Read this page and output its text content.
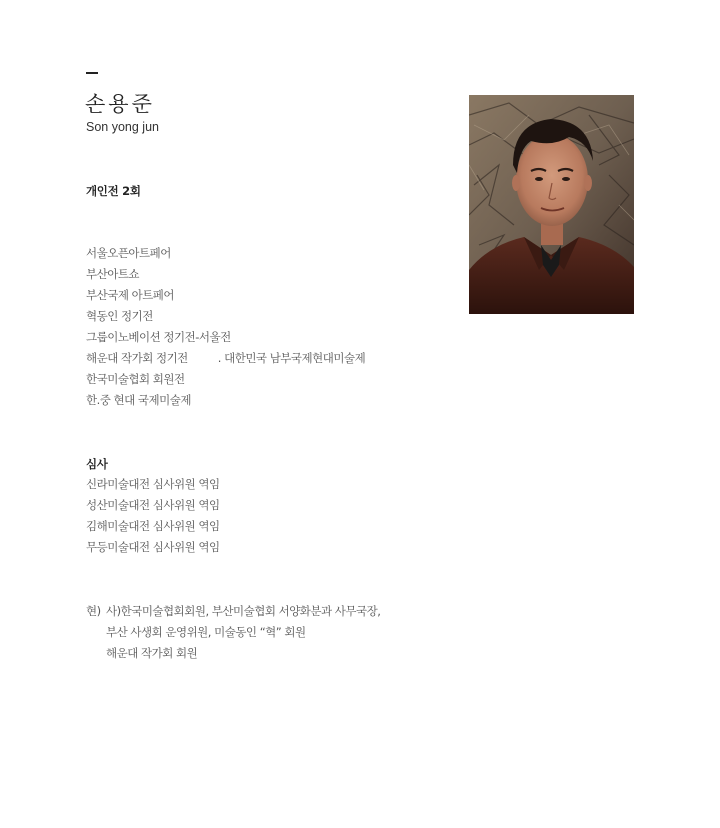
손용준
Son yong jun
개인전 2회
서울오픈아트페어
부산아트쇼
부산국제 아트페어
혁동인 정기전
그룹이노베이션 정기전-서울전
해운대 작가회 정기전	. 대한민국 남부국제현대미술제
한국미술협회 회원전
한.중 현대 국제미술제
심사
신라미술대전 심사위원 역임
성산미술대전 심사위원 역임
김해미술대전 심사위원 역임
무등미술대전 심사위원 역임
현) 사)한국미술협회회원, 부산미술협회 서양화분과 사무국장,
부산 사생회 운영위원, 미술동인 “혁” 회원
해운대 작가회 회원
